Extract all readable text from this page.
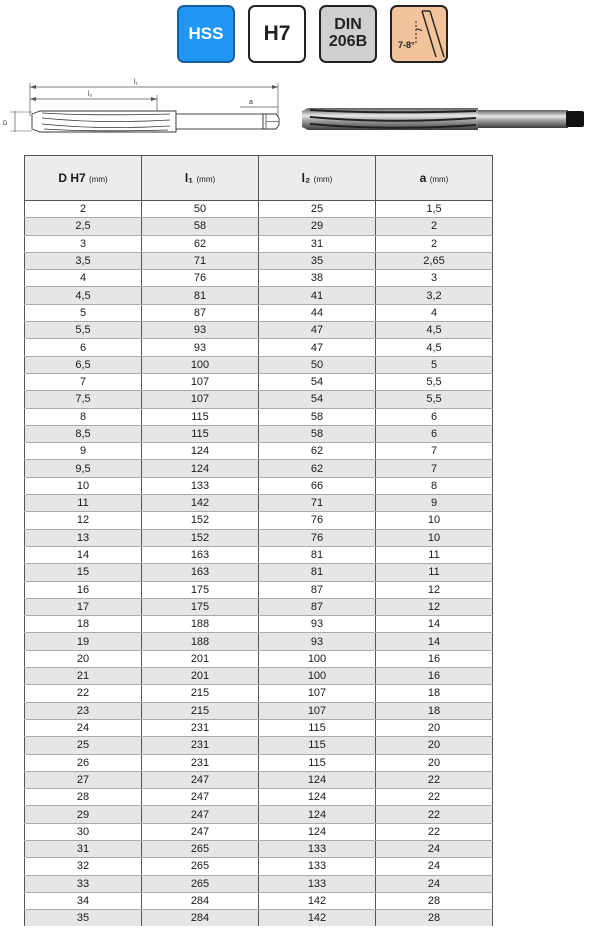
HSS H7	DIN
206B	7-8°
l₁
l₂
a
D
D H7 (mm)	l₁ (mm)	l₂ (mm)	a (mm)
2	50	25	1,5
2,5	58	29	2
3	62	31	2
3,5	71	35	2,65
4	76	38	3
4,5	81	41	3,2
5	87	44	4
5,5	93	47	4,5
6	93	47	4,5
6,5	100	50	5
7	107	54	5,5
7,5	107	54	5,5
8	115	58	6
8,5	115	58	6
9	124	62	7
9,5	124	62	7
10	133	66	8
11	142	71	9
12	152	76	10
13	152	76	10
14	163	81	11
15	163	81	11
16	175	87	12
17	175	87	12
18	188	93	14
19	188	93	14
20	201	100	16
21	201	100	16
22	215	107	18
23	215	107	18
24	231	115	20
25	231	115	20
26	231	115	20
27	247	124	22
28	247	124	22
29	247	124	22
30	247	124	22
31	265	133	24
32	265	133	24
33	265	133	24
34	284	142	28
35	284	142	28
